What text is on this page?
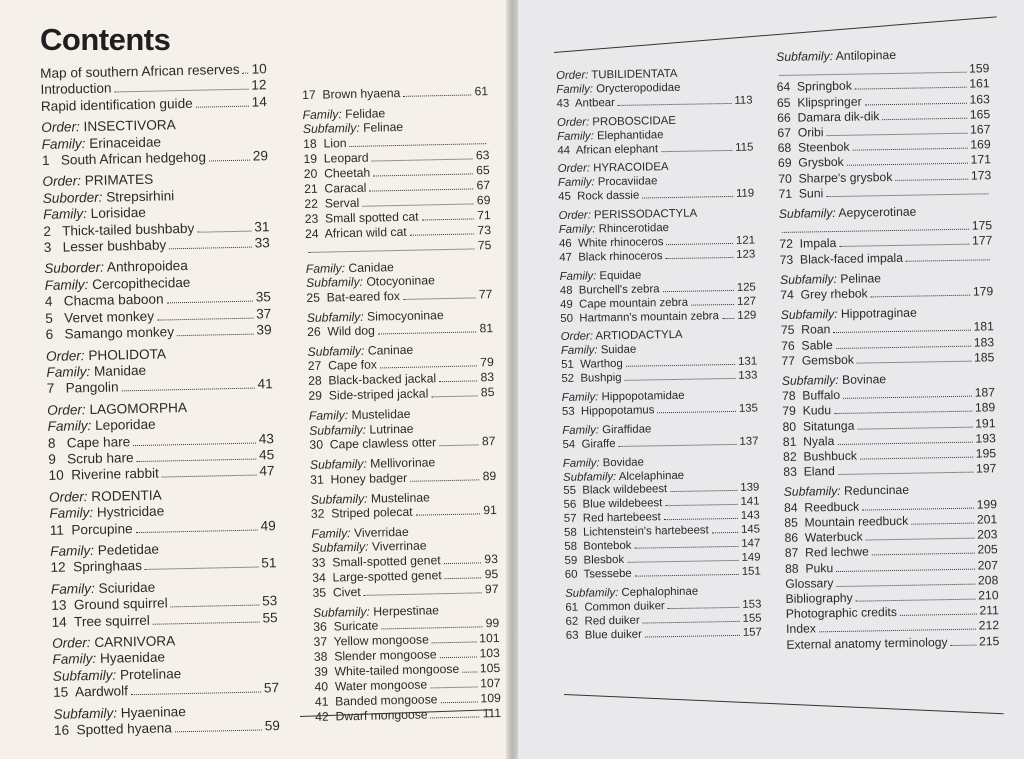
Contents
Map of southern African reserves 10
Introduction	12
Rapid identification guide	14
Order: INSECTIVORA
Family: Erinaceidae
1   South African hedgehog	29
Order: PRIMATES
Suborder: Strepsirhini
Family: Lorisidae
2   Thick-tailed bushbaby	31
3   Lesser bushbaby	33
Suborder: Anthropoidea
Family: Cercopithecidae
4   Chacma baboon	35
5   Vervet monkey	37
6   Samango monkey	39
Order: PHOLIDOTA
Family: Manidae
7   Pangolin	41
Order: LAGOMORPHA
Family: Leporidae
8   Cape hare	43
9   Scrub hare	45
10  Riverine rabbit	47
Order: RODENTIA
Family: Hystricidae
11  Porcupine	49
Family: Pedetidae
12  Springhaas	51
Family: Sciuridae
13  Ground squirrel	53
14  Tree squirrel	55
Order: CARNIVORA
Family: Hyaenidae
Subfamily: Protelinae
15  Aardwolf	57
Subfamily: Hyaeninae
16  Spotted hyaena	59
17  Brown hyaena	61
Family: Felidae
Subfamily: Felinae
18  Lion
19  Leopard	63
20  Cheetah	65
21  Caracal	67
22  Serval	69
23  Small spotted cat	71
24  African wild cat	73
75
Family: Canidae
Subfamily: Otocyoninae
25  Bat-eared fox	77
Subfamily: Simocyoninae
26  Wild dog	81
Subfamily: Caninae
27  Cape fox	79
28  Black-backed jackal	83
29  Side-striped jackal	85
Family: Mustelidae
Subfamily: Lutrinae
30  Cape clawless otter	87
Subfamily: Mellivorinae
31  Honey badger	89
Subfamily: Mustelinae
32  Striped polecat	91
Family: Viverridae
Subfamily: Viverrinae
33  Small-spotted genet	93
34  Large-spotted genet	95
35  Civet	97
Subfamily: Herpestinae
36  Suricate	99
37  Yellow mongoose	101
38  Slender mongoose	103
39  White-tailed mongoose 105
40  Water mongoose	107
41  Banded mongoose	109
42  Dwarf mongoose	111
Order: TUBILIDENTATA
Family: Orycteropodidae
43  Antbear	113
Order: PROBOSCIDAE
Family: Elephantidae
44  African elephant	115
Order: HYRACOIDEA
Family: Procaviidae
45  Rock dassie	119
Order: PERISSODACTYLA
Family: Rhincerotidae
46  White rhinoceros	121
47  Black rhinoceros	123
Family: Equidae
48  Burchell's zebra	125
49  Cape mountain zebra	127
50  Hartmann's mountain zebra 129
Order: ARTIODACTYLA
Family: Suidae
51  Warthog	131
52  Bushpig	133
Family: Hippopotamidae
53  Hippopotamus	135
Family: Giraffidae
54  Giraffe	137
Family: Bovidae
Subfamily: Alcelaphinae
55  Black wildebeest	139
56  Blue wildebeest	141
57  Red hartebeest	143
58  Lichtenstein's hartebeest	145
58  Bontebok	147
59  Blesbok	149
60  Tsessebe	151
Subfamily: Cephalophinae
61  Common duiker	153
62  Red duiker	155
63  Blue duiker	157
Subfamily: Antilopinae
159
64  Springbok	161
65  Klipspringer	163
66  Damara dik-dik	165
67  Oribi	167
68  Steenbok	169
69  Grysbok	171
70  Sharpe's grysbok	173
71  Suni
Subfamily: Aepycerotinae
175
72  Impala	177
73  Black-faced impala
Subfamily: Pelinae
74  Grey rhebok	179
Subfamily: Hippotraginae
75  Roan	181
76  Sable	183
77  Gemsbok	185
Subfamily: Bovinae
78  Buffalo	187
79  Kudu	189
80  Sitatunga	191
81  Nyala	193
82  Bushbuck	195
83  Eland	197
Subfamily: Reduncinae
84  Reedbuck	199
85  Mountain reedbuck	201
86  Waterbuck	203
87  Red lechwe	205
88  Puku	207
Glossary	208
Bibliography	210
Photographic credits	211
Index	212
External anatomy terminology	215
